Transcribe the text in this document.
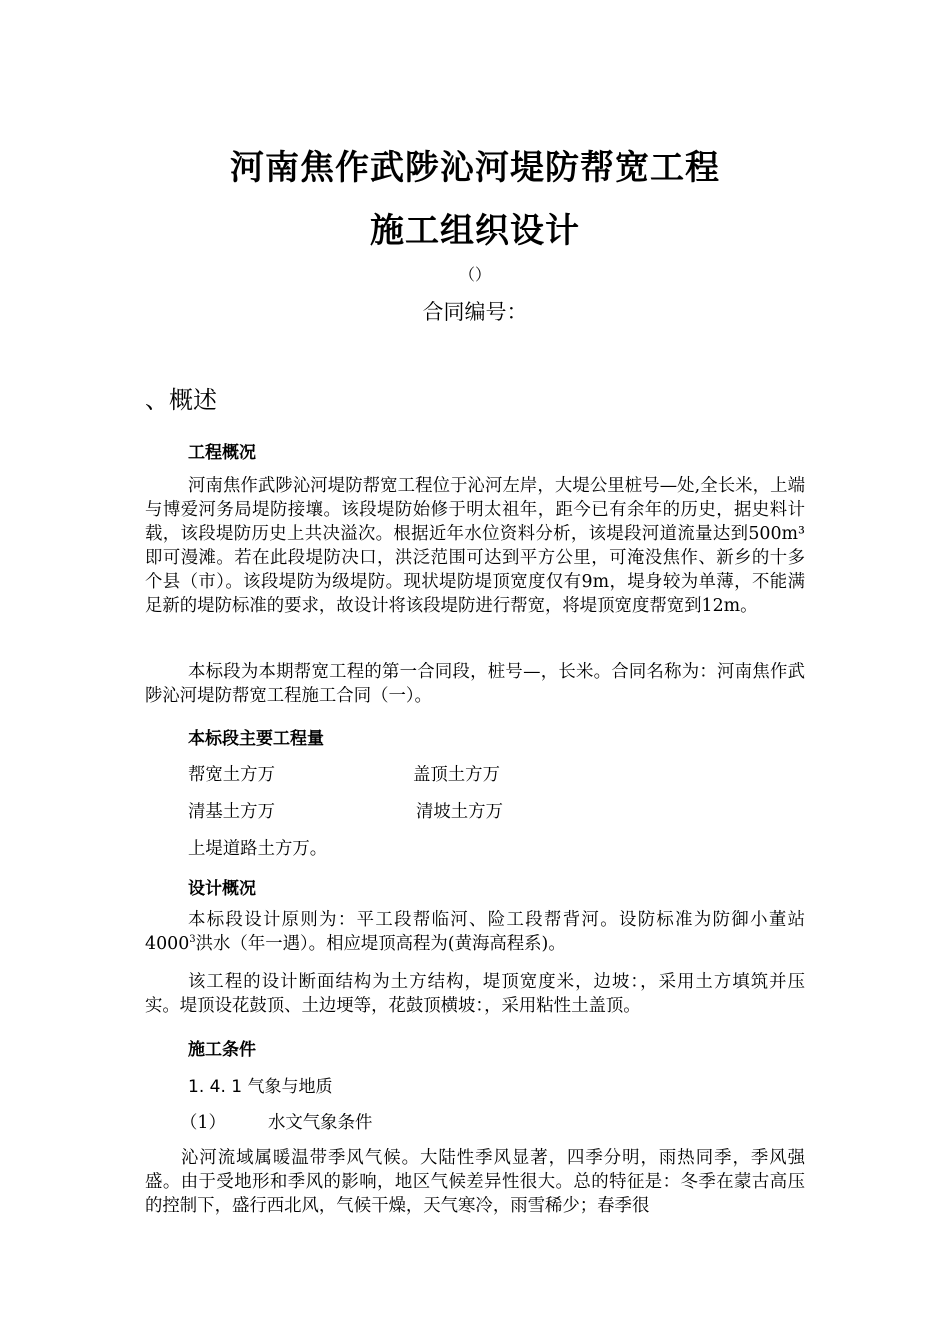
河南焦作武陟沁河堤防帮宽工程
施工组织设计
（）
合同编号：
、概述
工程概况
河南焦作武陟沁河堤防帮宽工程位于沁河左岸，大堤公里桩号—处,全长米，上端与博爱河务局堤防接壤。该段堤防始修于明太祖年，距今已有余年的历史，据史料计载，该段堤防历史上共决溢次。根据近年水位资料分析，该堤段河道流量达到500m³即可漫滩。若在此段堤防决口，洪泛范围可达到平方公里，可淹没焦作、新乡的十多个县（市）。该段堤防为级堤防。现状堤防堤顶宽度仅有9m，堤身较为单薄，不能满足新的堤防标准的要求，故设计将该段堤防进行帮宽，将堤顶宽度帮宽到12m。
本标段为本期帮宽工程的第一合同段，桩号—，长米。合同名称为：河南焦作武陟沁河堤防帮宽工程施工合同（一）。
本标段主要工程量
帮宽土方万	盖顶土方万
清基土方万	清坡土方万
上堤道路土方万。
设计概况
本标段设计原则为：平工段帮临河、险工段帮背河。设防标准为防御小董站 4000$^3$洪水（年一遇）。相应堤顶高程为(黄海高程系)。
该工程的设计断面结构为土方结构，堤顶宽度米，边坡：，采用土方填筑并压实。堤顶设花鼓顶、土边埂等，花鼓顶横坡：，采用粘性土盖顶。
施工条件
1. 4. 1 气象与地质
（1） 水文气象条件
沁河流域属暖温带季风气候。大陆性季风显著，四季分明，雨热同季，季风强盛。由于受地形和季风的影响，地区气候差异性很大。总的特征是：冬季在蒙古高压的控制下，盛行西北风，气候干燥，天气寒冷，雨雪稀少；春季很
